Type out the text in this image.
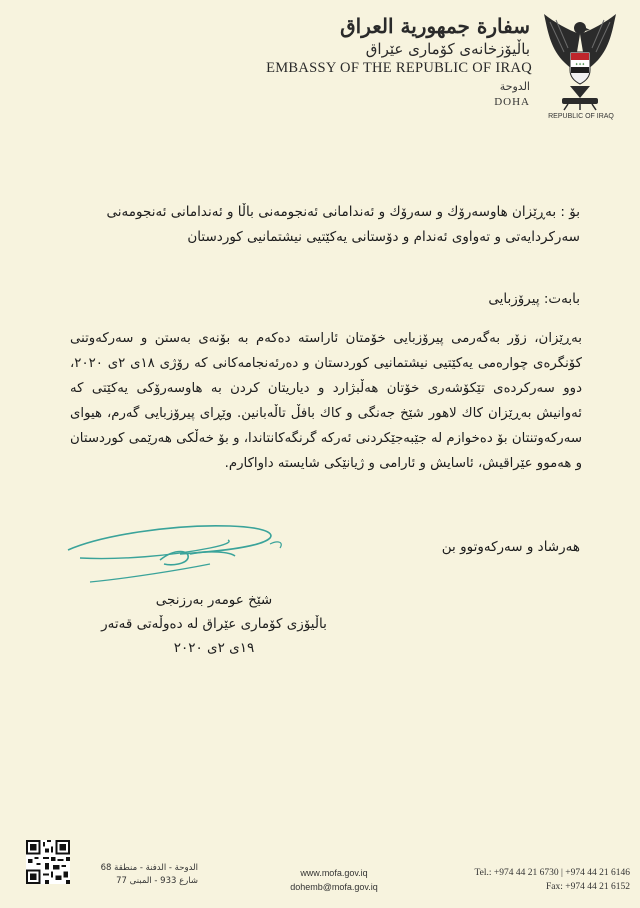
سفارة جمهورية العراق
باڵیۆزخانەی کۆماری عێراق
EMBASSY OF THE REPUBLIC OF IRAQ
الدوحة
DOHA
✦✦✦
REPUBLIC OF IRAQ
بۆ : بەڕێزان هاوسەرۆك و سەرۆك و ئەندامانی ئەنجومەنی باڵا و ئەندامانی ئەنجومەنی سەرکردایەتی و تەواوی ئەندام و دۆستانی یەکێتیی نیشتمانیی کوردستان
بابەت: پیرۆزبایی
بەڕێزان، زۆر بەگەرمی پیرۆزبایی خۆمتان ئاراستە دەکەم بە بۆنەی بەستن و سەرکەوتنی کۆنگرەی چوارەمی یەکێتیی نیشتمانیی کوردستان و دەرئەنجامەکانی کە رۆژی ١٨ی ٢ی ٢٠٢٠، دوو سەرکردەی تێکۆشەری خۆتان هەڵبژارد و دیاریتان کردن بە هاوسەرۆکی یەکێتی کە ئەوانیش بەڕێزان کاك لاهور شێخ جەنگی و کاك بافڵ تاڵەبانین. وێڕای پیرۆزبایی گەرم، هیوای سەرکەوتنتان بۆ دەخوازم لە جێبەجێکردنی ئەرکە گرنگەکانتاندا، و بۆ خەڵکی هەرێمی کوردستان و هەموو عێراقیش، ئاسایش و ئارامی و ژیانێکی شایستە داواکارم.
هەرشاد و سەرکەوتوو بن
شێخ عومەر بەرزنجی
باڵیۆزی کۆماری عێراق لە دەوڵەتی قەتەر
١٩ی ٢ی ٢٠٢٠
الدوحة - الدفنة - منطقة 68
شارع 933 - المبنى 77
www.mofa.gov.iq
dohemb@mofa.gov.iq
Tel.: +974 44 21 6730 | +974 44 21 6146
Fax: +974 44 21 6152
